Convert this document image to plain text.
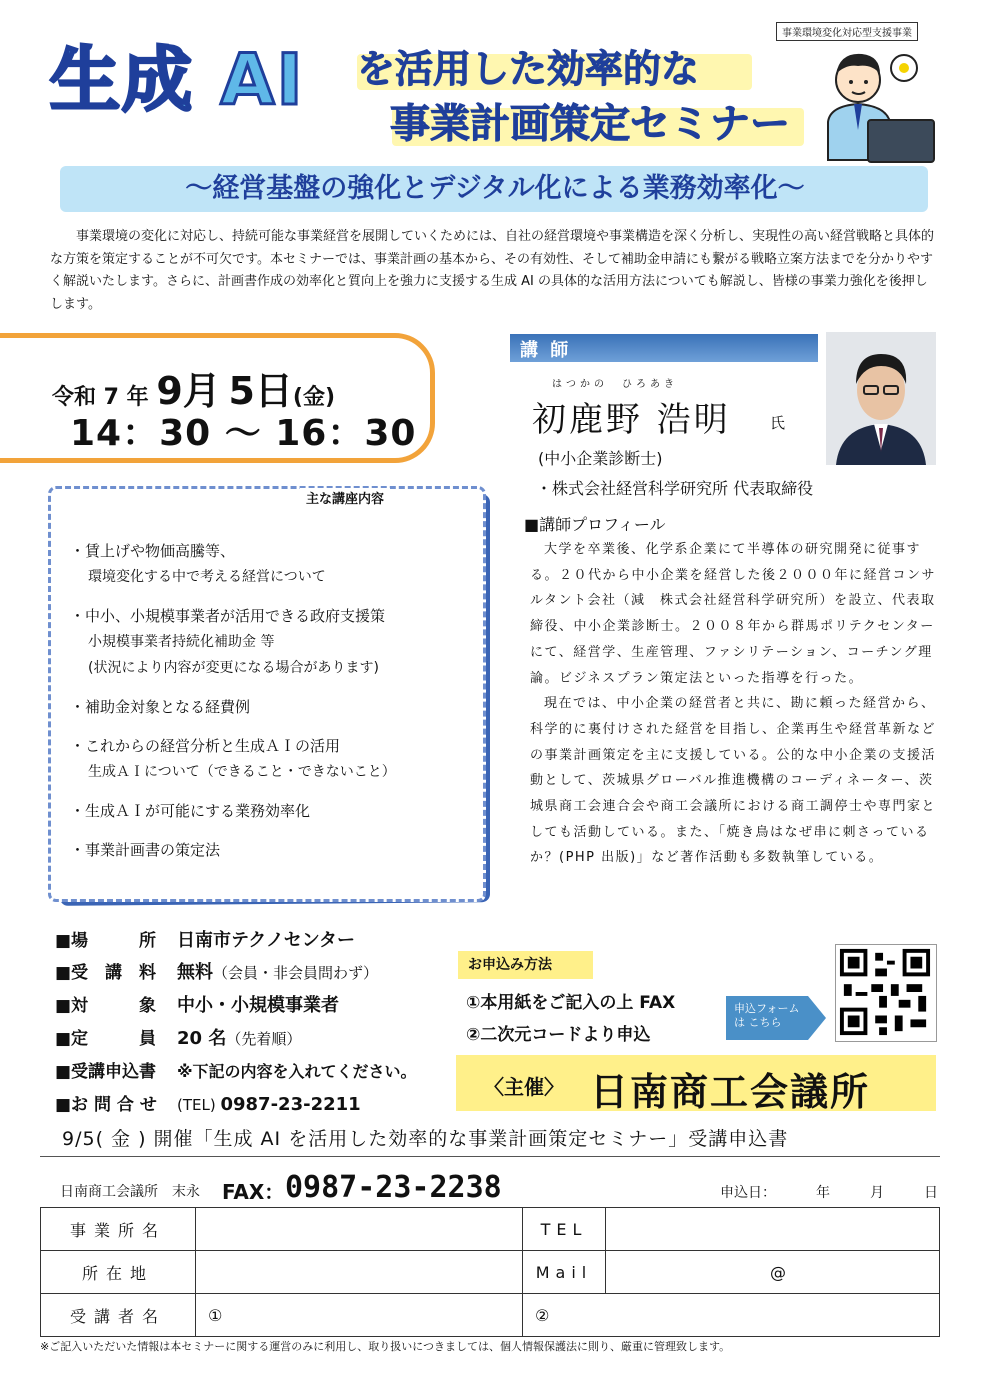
事業環境変化対応型支援事業
生成 AI を活用した効率的な
事業計画策定セミナー
〜経営基盤の強化とデジタル化による業務効率化〜
事業環境の変化に対応し、持続可能な事業経営を展開していくためには、自社の経営環境や事業構造を深く分析し、実現性の高い経営戦略と具体的な方策を策定することが不可欠です。本セミナーでは、事業計画の基本から、その有効性、そして補助金申請にも繋がる戦略立案方法までを分かりやすく解説いたします。さらに、計画書作成の効率化と質向上を強力に支援する生成 AI の具体的な活用方法についても解説し、皆様の事業力強化を後押しします。
令和 7 年 9月 5日(金)
14：30 〜 16：30
講 師
はつかの　ひろあき
初鹿野 浩明	氏
(中小企業診断士)
・株式会社経営科学研究所 代表取締役
■講師プロフィール

大学を卒業後、化学系企業にて半導体の研究開発に従事する。２０代から中小企業を経営した後２０００年に経営コンサルタント会社（減　株式会社経営科学研究所）を設立、代表取締役、中小企業診断士。２００８年から群馬ポリテクセンターにて、経営学、生産管理、ファシリテーション、コーチング理論。ビジネスプラン策定法といった指導を行った。

現在では、中小企業の経営者と共に、勘に頼った経営から、科学的に裏付けされた経営を目指し、企業再生や経営革新などの事業計画策定を主に支援している。公的な中小企業の支援活動として、茨城県グローバル推進機構のコーディネーター、茨城県商工会連合会や商工会議所における商工調停士や専門家としても活動している。また、「焼き鳥はなぜ串に刺さっているか？(PHP 出版)」など著作活動も多数執筆している。

主な講座内容
・賃上げや物価高騰等、
環境変化する中で考える経営について
・中小、小規模事業者が活用できる政府支援策
小規模事業者持続化補助金 等
(状況により内容が変更になる場合があります)
・補助金対象となる経費例
・これからの経営分析と生成ＡＩの活用
生成ＡＩについて（できること・できないこと）
・生成ＡＩが可能にする業務効率化
・事業計画書の策定法
■場　　　所 日南市テクノセンター
■受　講　料 無料（会員・非会員問わず）
■対　　　象 中小・小規模事業者
■定　　　員 20 名（先着順）
■受講申込書 ※下記の内容を入れてください。
■お 問 合 せ (TEL) 0987-23-2211
お申込み方法
①本用紙をご記入の上 FAX
②二次元コードより申込
申込フォームは こちら
〈主催〉 日南商工会議所
9/5( 金 ) 開催「生成 AI を活用した効率的な事業計画策定セミナー」受講申込書
日南商工会議所　末永 FAX： 0987-23-2238	申込日：	年	月	日
事業所名		TEL	
所在地		Mail	@
受講者名	①	②	
※ご記入いただいた情報は本セミナーに関する運営のみに利用し、取り扱いにつきましては、個人情報保護法に則り、厳重に管理致します。
